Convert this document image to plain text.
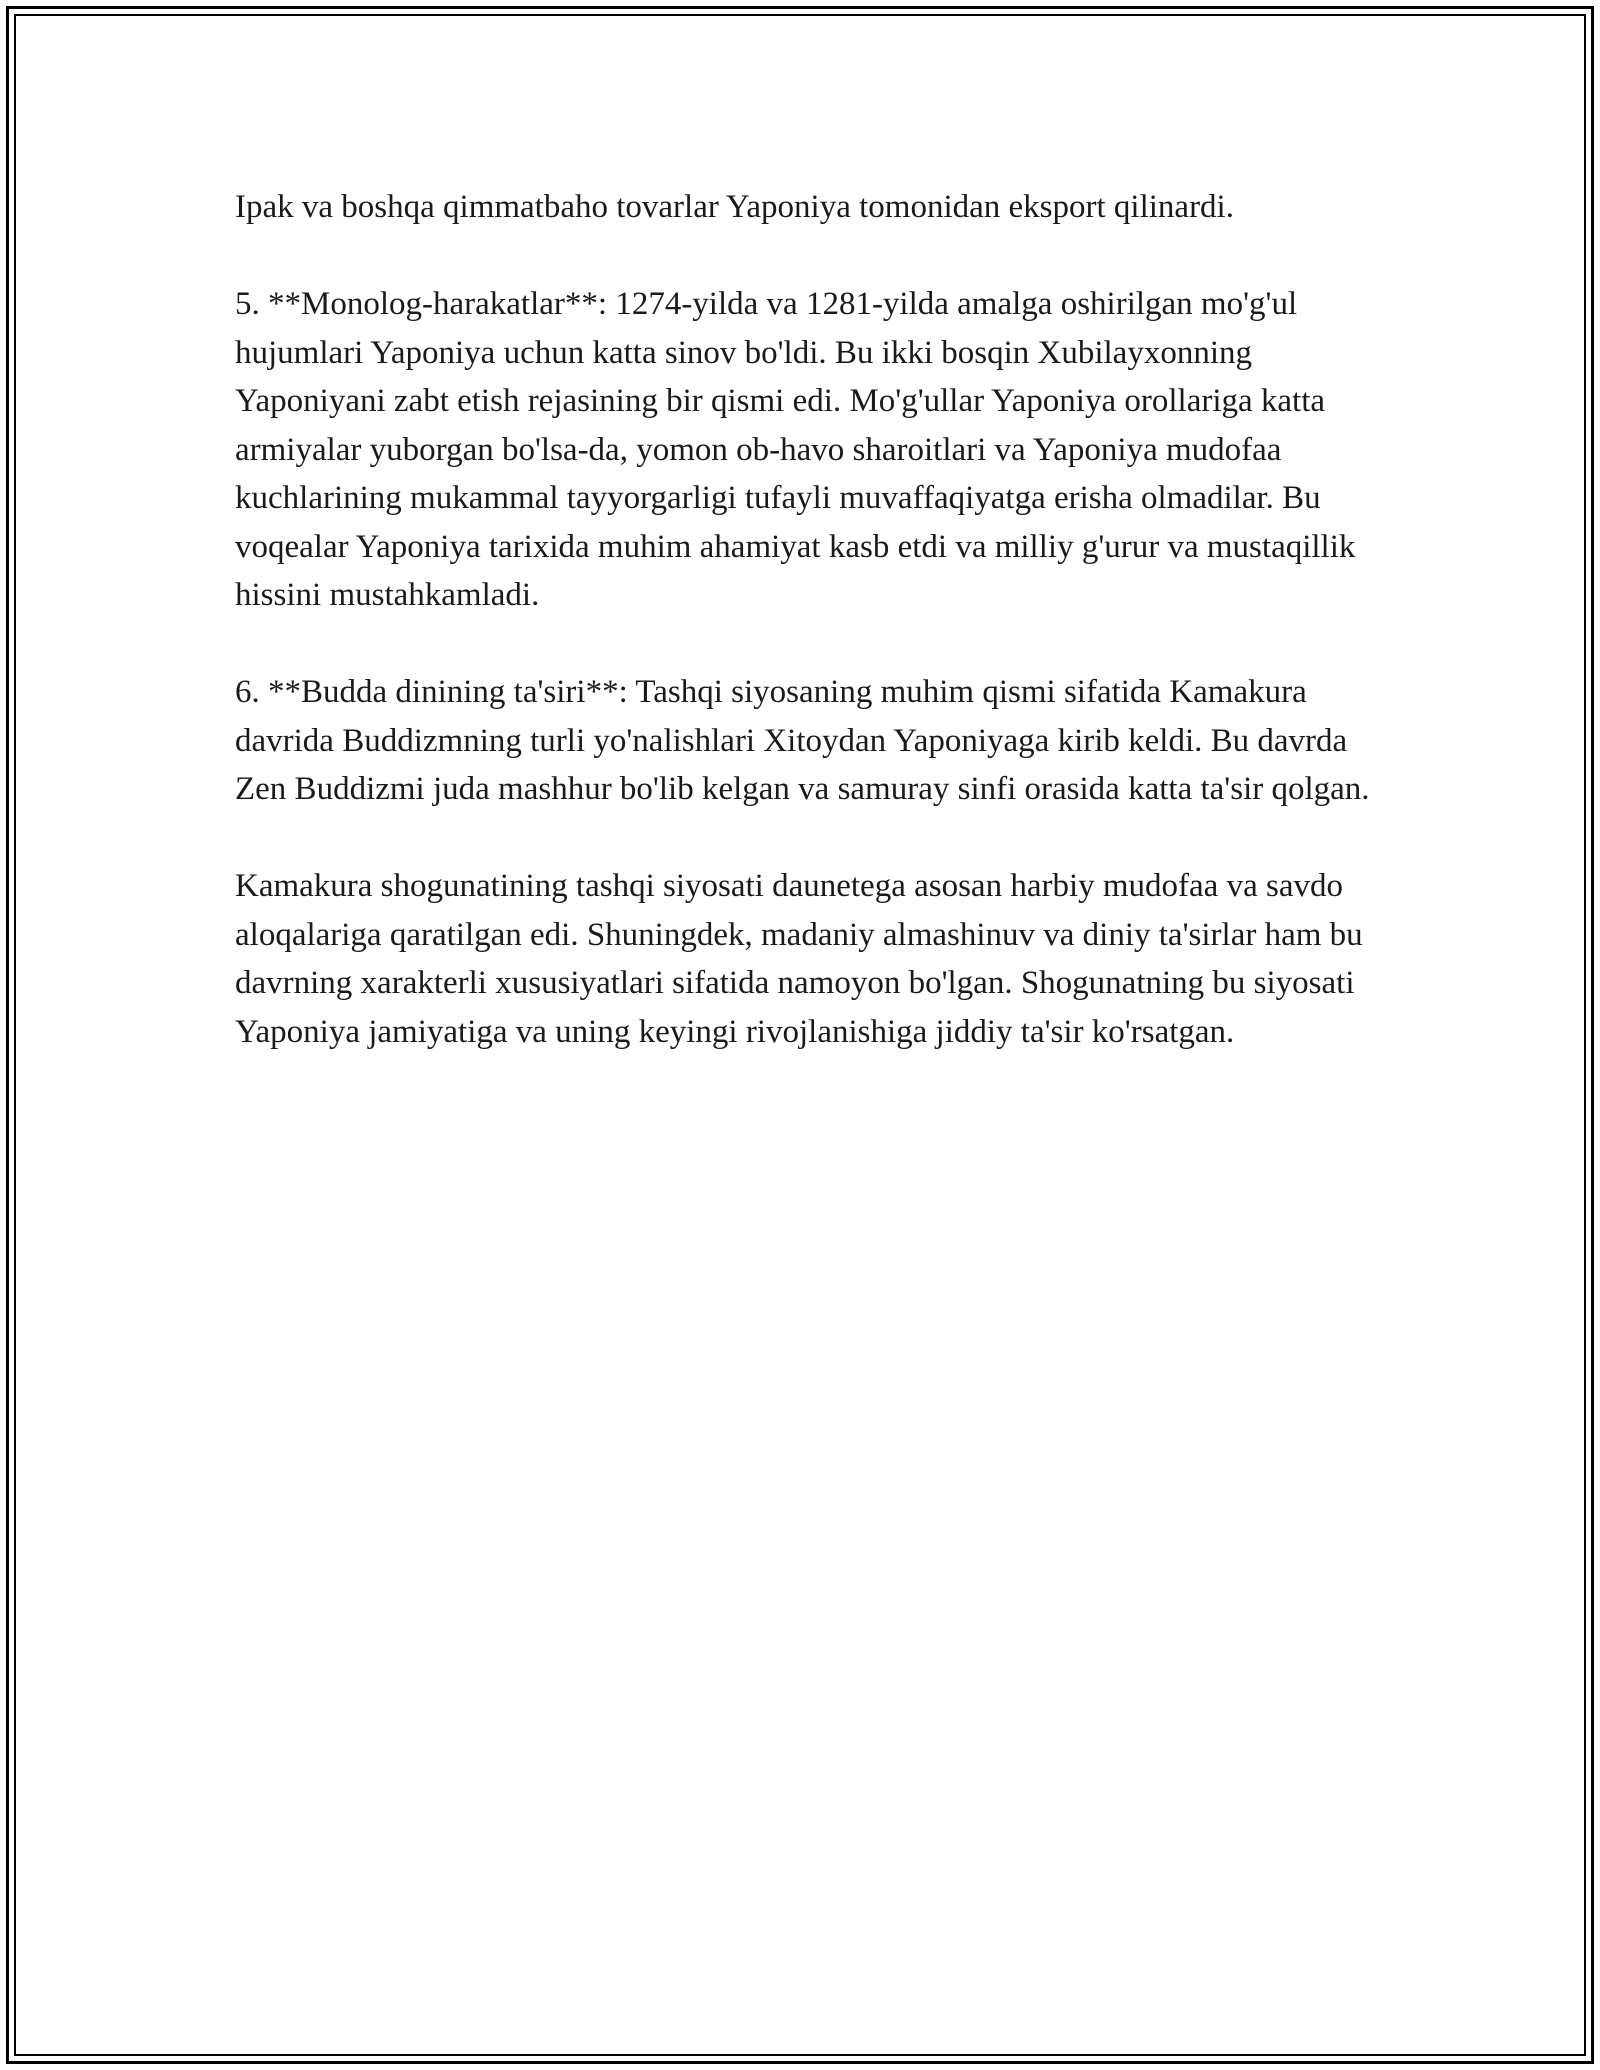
Ipak va boshqa qimmatbaho tovarlar Yaponiya tomonidan eksport qilinardi.

5. **Monolog-harakatlar**: 1274-yilda va 1281-yilda amalga oshirilgan mo'g'ul hujumlari Yaponiya uchun katta sinov bo'ldi. Bu ikki bosqin Xubilayxonning Yaponiyani zabt etish rejasining bir qismi edi. Mo'g'ullar Yaponiya orollariga katta armiyalar yuborgan bo'lsa-da, yomon ob-havo sharoitlari va Yaponiya mudofaa kuchlarining mukammal tayyorgarligi tufayli muvaffaqiyatga erisha olmadilar. Bu voqealar Yaponiya tarixida muhim ahamiyat kasb etdi va milliy g'urur va mustaqillik hissini mustahkamladi.

6. **Budda dinining ta'siri**: Tashqi siyosaning muhim qismi sifatida Kamakura davrida Buddizmning turli yo'nalishlari Xitoydan Yaponiyaga kirib keldi. Bu davrda Zen Buddizmi juda mashhur bo'lib kelgan va samuray sinfi orasida katta ta'sir qolgan.

Kamakura shogunatining tashqi siyosati daunetega asosan harbiy mudofaa va savdo aloqalariga qaratilgan edi. Shuningdek, madaniy almashinuv va diniy ta'sirlar ham bu davrning xarakterli xususiyatlari sifatida namoyon bo'lgan. Shogunatning bu siyosati Yaponiya jamiyatiga va uning keyingi rivojlanishiga jiddiy ta'sir ko'rsatgan.
